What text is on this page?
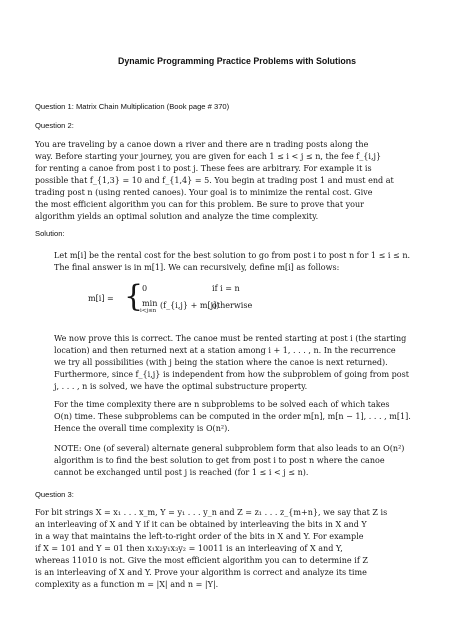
Dynamic Programming Practice Problems with Solutions
Question 1: Matrix Chain Multiplication (Book page # 370)
Question 2:
You are traveling by a canoe down a river and there are n trading posts along the
way. Before starting your journey, you are given for each 1 ≤ i < j ≤ n, the fee f_{i,j}
for renting a canoe from post i to post j. These fees are arbitrary. For example it is
possible that f_{1,3} = 10 and f_{1,4} = 5. You begin at trading post 1 and must end at
trading post n (using rented canoes). Your goal is to minimize the rental cost. Give
the most efficient algorithm you can for this problem. Be sure to prove that your
algorithm yields an optimal solution and analyze the time complexity.
Solution:
Let m[i] be the rental cost for the best solution to go from post i to post n for 1 ≤ i ≤ n.
The final answer is in m[1]. We can recursively, define m[i] as follows:
m[i] = {
0	if i = n
min
i<j≤n
(f_{i,j} + m[j])
otherwise
We now prove this is correct. The canoe must be rented starting at post i (the starting
location) and then returned next at a station among i + 1, . . . , n. In the recurrence
we try all possibilities (with j being the station where the canoe is next returned).
Furthermore, since f_{i,j} is independent from how the subproblem of going from post
j, . . . , n is solved, we have the optimal substructure property.
For the time complexity there are n subproblems to be solved each of which takes
O(n) time. These subproblems can be computed in the order m[n], m[n − 1], . . . , m[1].
Hence the overall time complexity is O(n²).
NOTE: One (of several) alternate general subproblem form that also leads to an O(n²)
algorithm is to find the best solution to get from post i to post n where the canoe
cannot be exchanged until post j is reached (for 1 ≤ i < j ≤ n).
Question 3:
For bit strings X = x₁ . . . x_m, Y = y₁ . . . y_n and Z = z₁ . . . z_{m+n}, we say that Z is
an interleaving of X and Y if it can be obtained by interleaving the bits in X and Y
in a way that maintains the left-to-right order of the bits in X and Y. For example
if X = 101 and Y = 01 then x₁x₂y₁x₃y₂ = 10011 is an interleaving of X and Y,
whereas 11010 is not. Give the most efficient algorithm you can to determine if Z
is an interleaving of X and Y. Prove your algorithm is correct and analyze its time
complexity as a function m = |X| and n = |Y|.
